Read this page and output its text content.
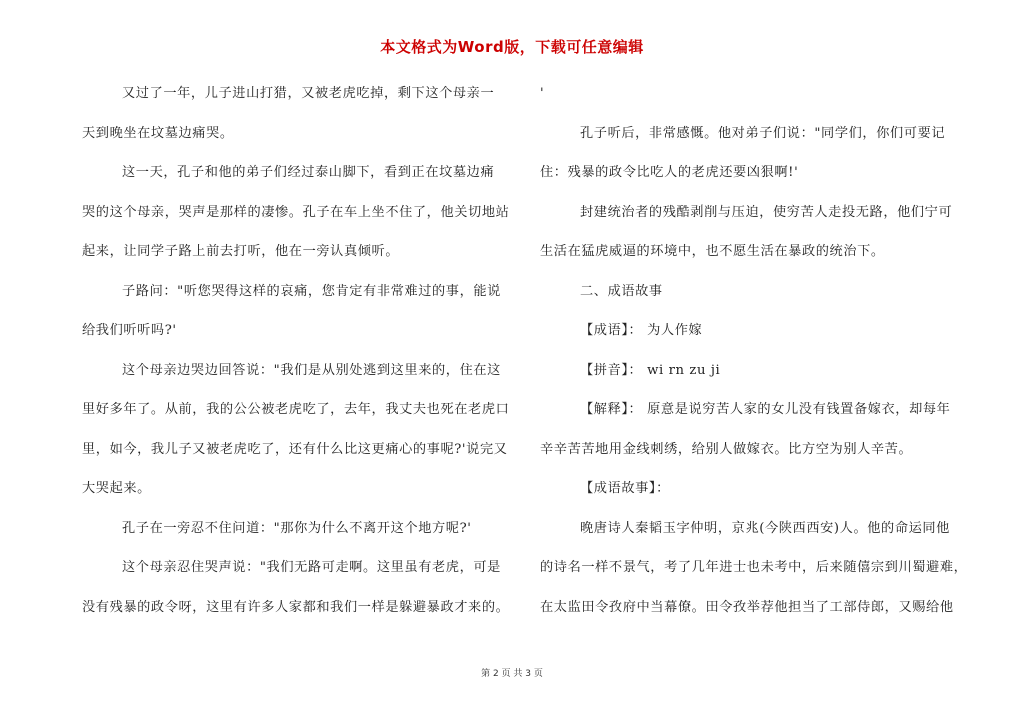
本文格式为Word版，下载可任意编辑
又过了一年，儿子进山打猎，又被老虎吃掉，剩下这个母亲一
天到晚坐在坟墓边痛哭。
这一天，孔子和他的弟子们经过泰山脚下，看到正在坟墓边痛
哭的这个母亲，哭声是那样的凄惨。孔子在车上坐不住了，他关切地站
起来，让同学子路上前去打听，他在一旁认真倾听。
子路问："听您哭得这样的哀痛，您肯定有非常难过的事，能说
给我们听听吗?'
这个母亲边哭边回答说："我们是从别处逃到这里来的，住在这
里好多年了。从前，我的公公被老虎吃了，去年，我丈夫也死在老虎口
里，如今，我儿子又被老虎吃了，还有什么比这更痛心的事呢?'说完又
大哭起来。
孔子在一旁忍不住问道："那你为什么不离开这个地方呢?'
这个母亲忍住哭声说："我们无路可走啊。这里虽有老虎，可是
没有残暴的政令呀，这里有许多人家都和我们一样是躲避暴政才来的。
'
孔子听后，非常感慨。他对弟子们说："同学们，你们可要记
住：残暴的政令比吃人的老虎还要凶狠啊!'
封建统治者的残酷剥削与压迫，使穷苦人走投无路，他们宁可
生活在猛虎威逼的环境中，也不愿生活在暴政的统治下。
二、成语故事
【成语】： 为人作嫁
【拼音】： wi rn zu ji
【解释】： 原意是说穷苦人家的女儿没有钱置备嫁衣，却每年
辛辛苦苦地用金线刺绣，给别人做嫁衣。比方空为别人辛苦。
【成语故事】：
晚唐诗人秦韬玉字仲明，京兆(今陕西西安)人。他的命运同他
的诗名一样不景气，考了几年进士也未考中，后来随僖宗到川蜀避难，
在太监田令孜府中当幕僚。田令孜举荐他担当了工部侍郎，又赐给他
第 2 页 共 3 页
